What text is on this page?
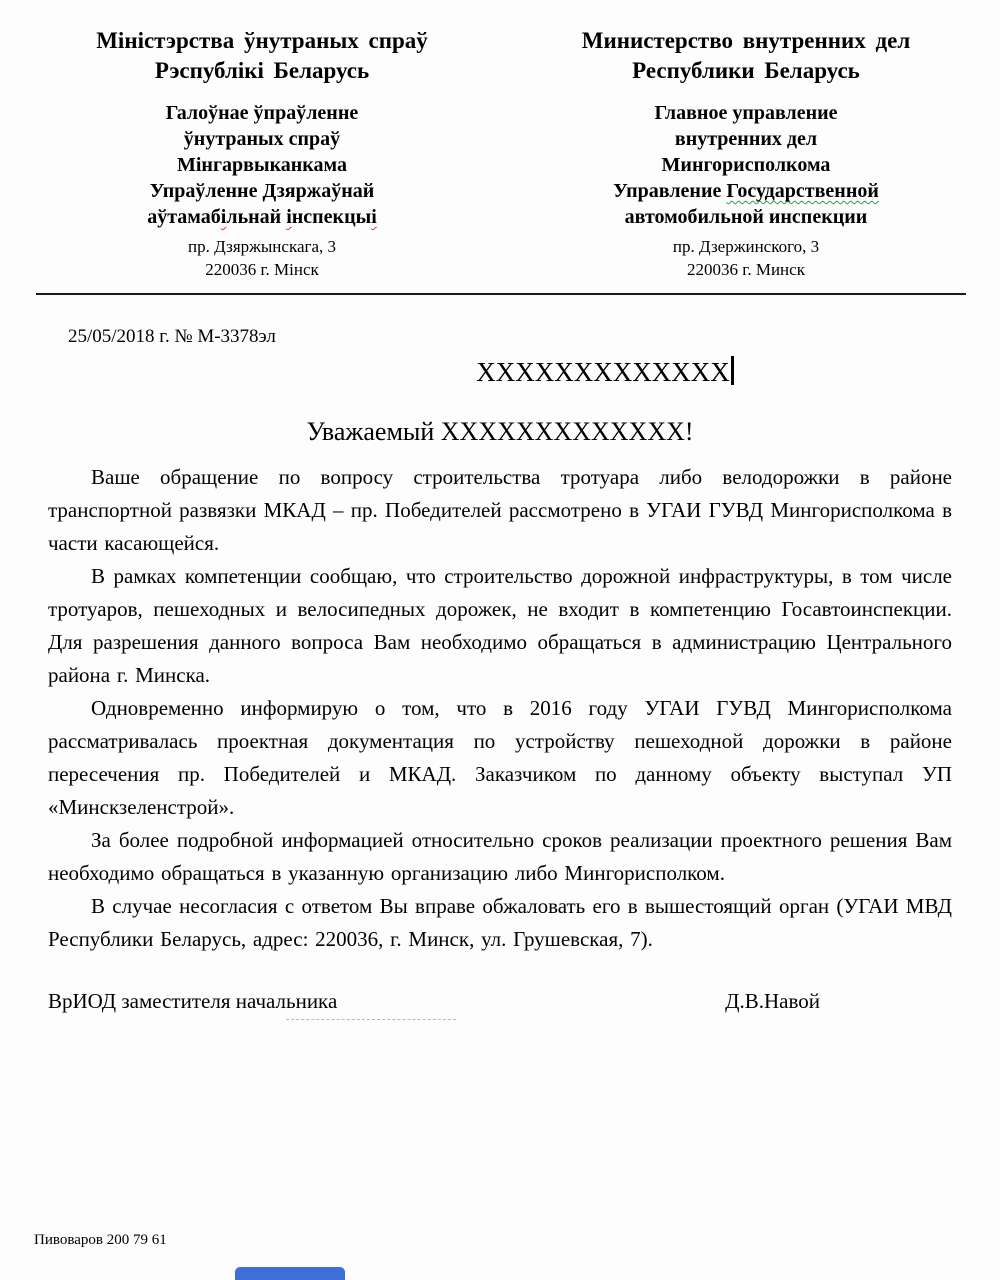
Міністэрства ўнутраных спраў
Рэспублікі Беларусь
Галоўнае ўпраўленне
ўнутраных спраў
Мінгарвыканкама
Упраўленне Дзяржаўнай
аўтамабільнай інспекцыі
пр. Дзяржынскага, 3
220036 г. Мінск
Министерство внутренних дел
Республики Беларусь
Главное управление
внутренних дел
Мингорисполкома
Управление Государственной
автомобильной инспекции
пр. Дзержинского, 3
220036 г. Минск
25/05/2018 г. № М-3378эл
XXXXXXXXXXXXX
Уважаемый XXXXXXXXXXXXX!

Ваше обращение по вопросу строительства тротуара либо велодорожки в районе транспортной развязки МКАД – пр. Победителей рассмотрено в УГАИ ГУВД Мингорисполкома в части касающейся.

В рамках компетенции сообщаю, что строительство дорожной инфраструктуры, в том числе тротуаров, пешеходных и велосипедных дорожек, не входит в компетенцию Госавтоинспекции. Для разрешения данного вопроса Вам необходимо обращаться в администрацию Центрального района г. Минска.

Одновременно информирую о том, что в 2016 году УГАИ ГУВД Мингорисполкома рассматривалась проектная документация по устройству пешеходной дорожки в районе пересечения пр. Победителей и МКАД. Заказчиком по данному объекту выступал УП «Минскзеленстрой».

За более подробной информацией относительно сроков реализации проектного решения Вам необходимо обращаться в указанную организацию либо Мингорисполком.

В случае несогласия с ответом Вы вправе обжаловать его в вышестоящий орган (УГАИ МВД Республики Беларусь, адрес: 220036, г. Минск, ул. Грушевская, 7).

ВрИОД заместителя начальника	Д.В.Навой
Пивоваров 200 79 61
